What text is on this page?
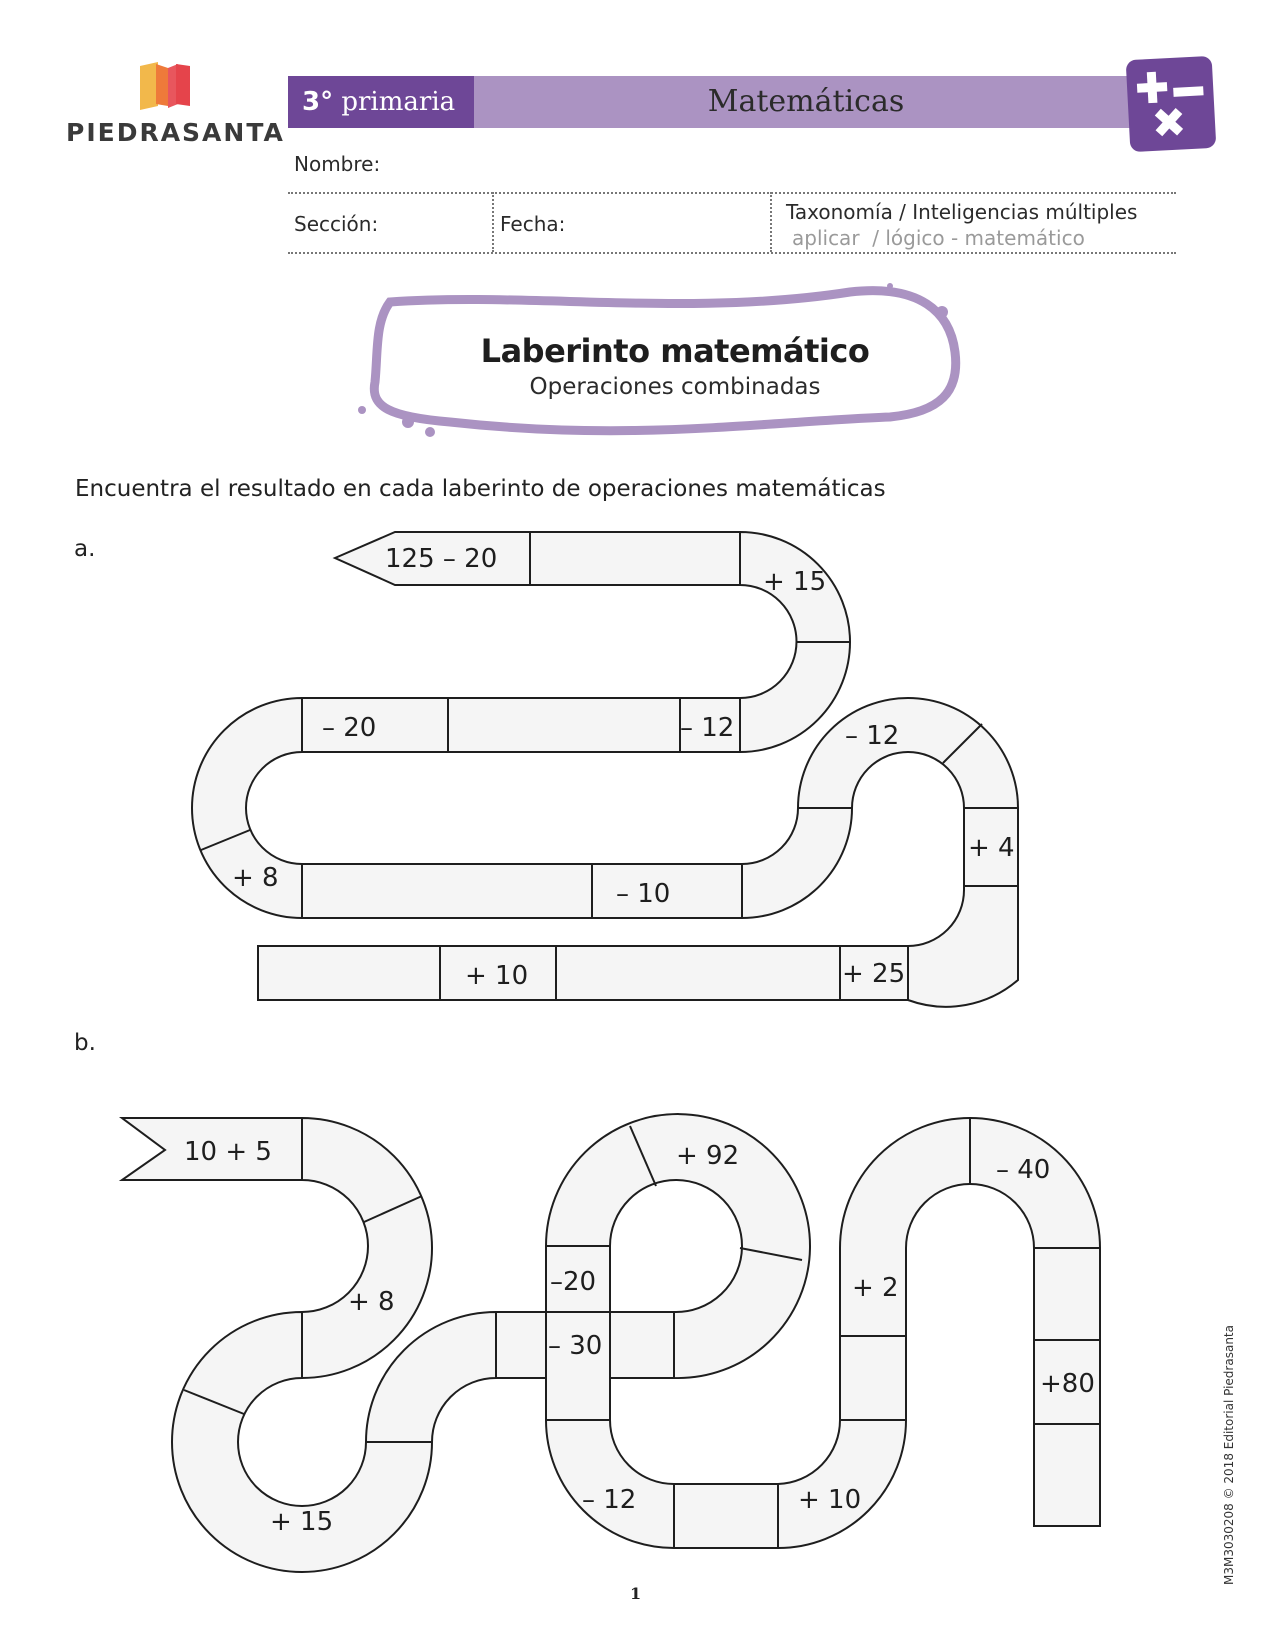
PIEDRASANTA
3° primaria	Matemáticas
Nombre:
Sección:	Fecha:	Taxonomía / Inteligencias múltiples
aplicar  / lógico - matemático
Laberinto matemático
Operaciones combinadas
Encuentra el resultado en cada laberinto de operaciones matemáticas
a.	125 – 20
+ 15
– 12
– 20
+ 8
– 10
– 12
+ 4
+ 25
+ 10
b.
10 + 5
+ 8
+ 15
– 30
–20
+ 92
– 12	+ 10
+ 2
– 40
+80
1
M3M3030208 © 2018 Editorial Piedrasanta
